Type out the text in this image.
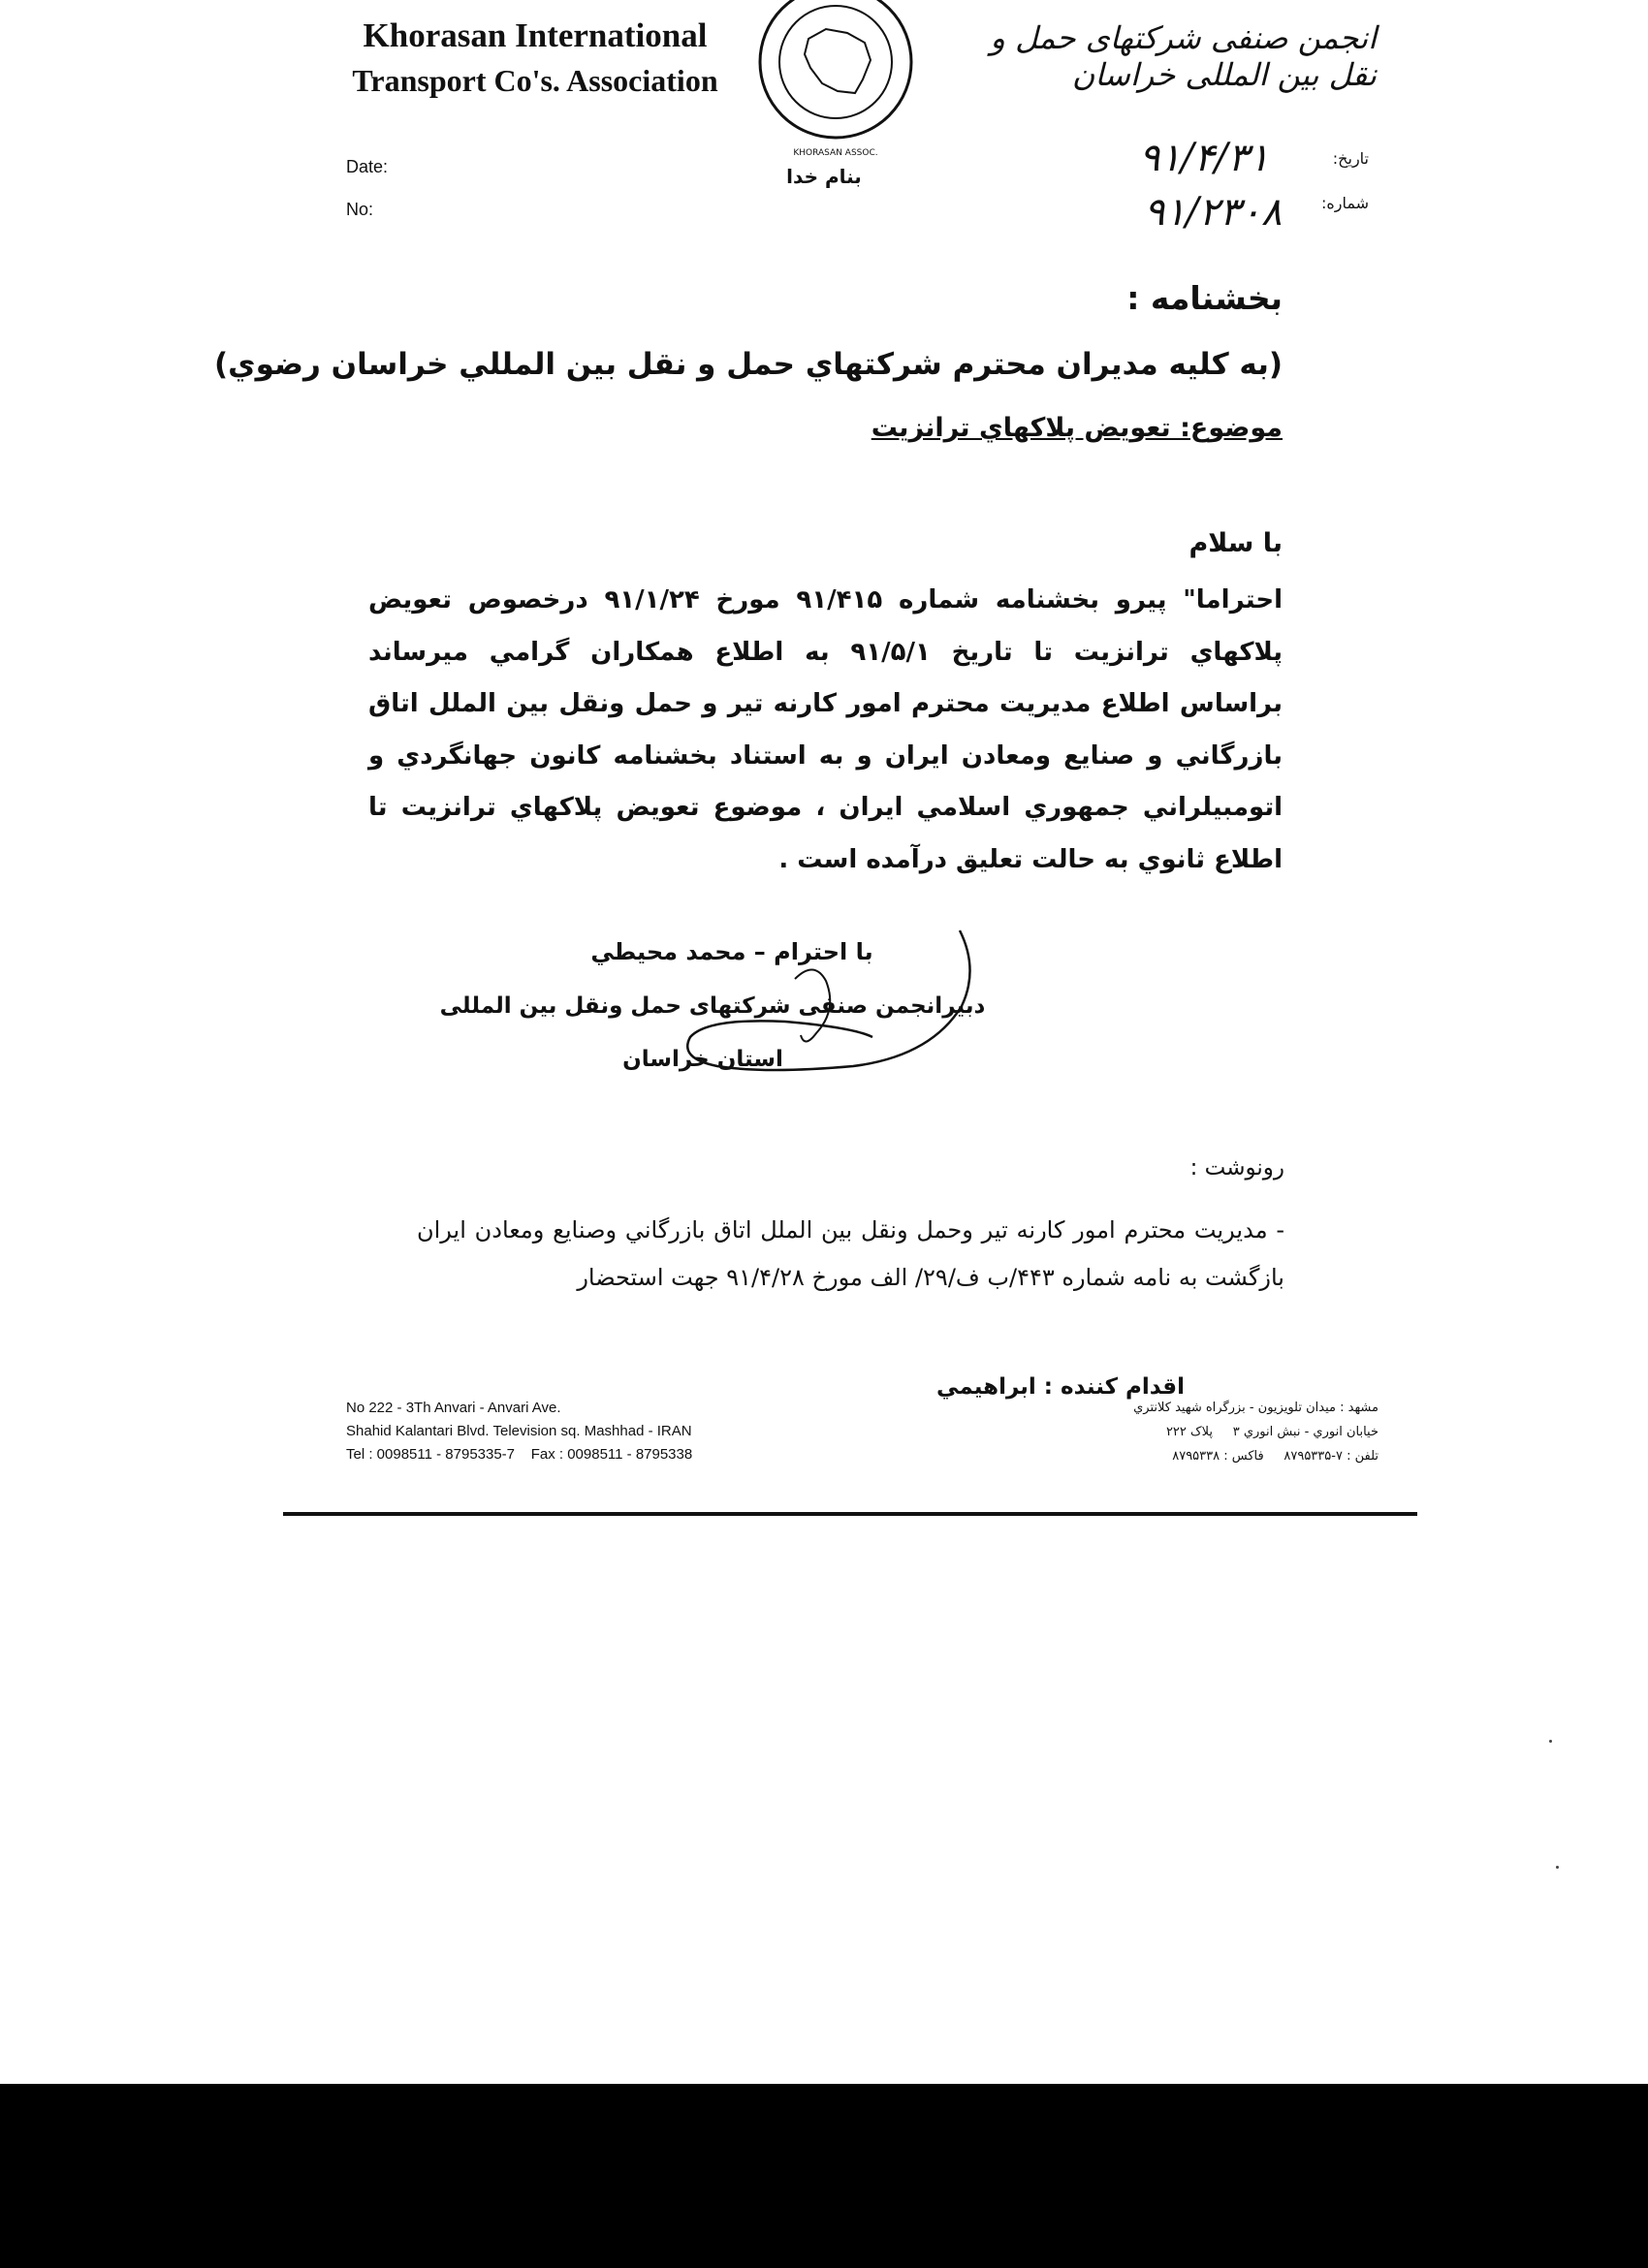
Khorasan International
Transport Co's. Association
KHORASAN ASSOC.
انجمن صنفی شرکتهای حمل و نقل بین المللی خراسان
بنام خدا
Date:
No:
تاریخ:
شماره:
۹۱/۴/۳۱
۹۱/۲۳۰۸
بخشنامه :
(به كليه مديران محترم شركتهاي حمل و نقل بين المللي خراسان رضوي)
موضوع: تعويض پلاكهاي ترانزيت
با سلام
احتراما" پيرو بخشنامه شماره ۹۱/۴۱۵ مورخ ۹۱/۱/۲۴ درخصوص تعويض پلاكهاي ترانزيت تا تاريخ ۹۱/۵/۱ به اطلاع همكاران گرامي ميرساند براساس اطلاع مديريت محترم امور كارنه تير و حمل ونقل بين الملل اتاق بازرگاني و صنايع ومعادن ايران و به استناد بخشنامه كانون جهانگردي و اتومبيلراني جمهوري اسلامي ايران ، موضوع تعويض پلاكهاي ترانزيت تا اطلاع ثانوي به حالت تعليق درآمده است .
با احترام – محمد محيطي
دبيرانجمن صنفی شرکتهای حمل ونقل بين المللی
استان خراسان
رونوشت :
- مديريت محترم امور كارنه تير وحمل ونقل بين الملل اتاق بازرگاني وصنايع ومعادن ايران بازگشت به نامه شماره ۴۴۳/ب ف/۲۹/ الف مورخ ۹۱/۴/۲۸ جهت استحضار
اقدام كننده : ابراهيمي
No 222 - 3Th Anvari - Anvari Ave.
Shahid Kalantari Blvd. Television sq. Mashhad - IRAN
Tel : 0098511 - 8795335-7    Fax : 0098511 - 8795338
مشهد : ميدان تلويزيون - بزرگراه شهيد كلانتري
خيابان انوري - نبش انوري ۳     پلاک ۲۲۲
تلفن : ۷-۸۷۹۵۳۳۵     فاکس : ۸۷۹۵۳۳۸
